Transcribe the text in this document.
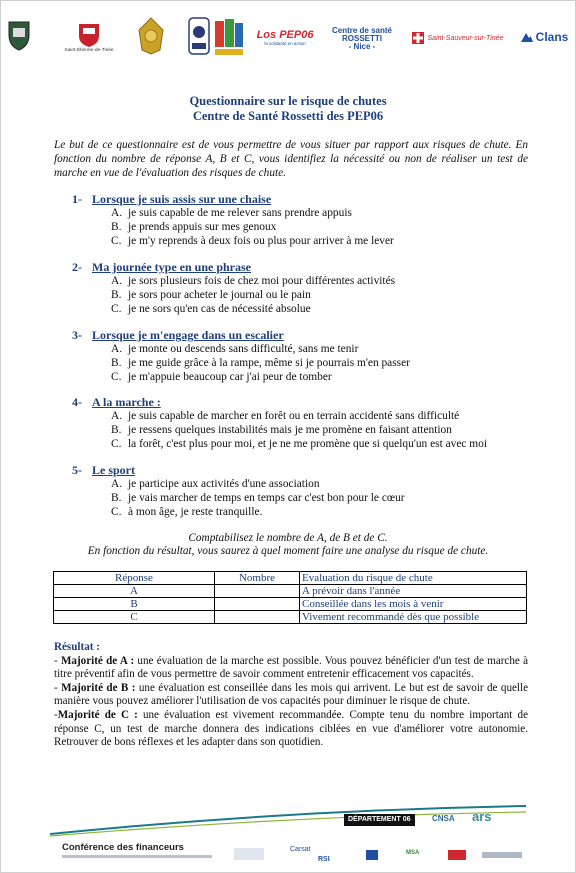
Saint-Étienne-de-Tinée
Los PEP06
la solidarité en action
Centre de santé
ROSSETTI
- Nice -
Saint-Sauveur-sur-Tinée	Clans
Questionnaire sur le risque de chutes
Centre de Santé Rossetti des PEP06
Le but de ce questionnaire est de vous permettre de vous situer par rapport aux risques de chute. En fonction du nombre de réponse A, B et C, vous identifiez la nécessité ou non de réaliser un test de marche en vue de l'évaluation des risques de chute.
1- Lorsque je suis assis sur une chaise
A. je suis capable de me relever sans prendre appuis
B. je prends appuis sur mes genoux
C. je m'y reprends à deux fois ou plus pour arriver à me lever
2- Ma journée type en une phrase
A. je sors plusieurs fois de chez moi pour différentes activités
B. je sors pour acheter le journal ou le pain
C. je ne sors qu'en cas de nécessité absolue
3- Lorsque je m'engage dans un escalier
A. je monte ou descends sans difficulté, sans me tenir
B. je me guide grâce à la rampe, même si je pourrais m'en passer
C. je m'appuie beaucoup car j'ai peur de tomber
4- A la marche :
A. je suis capable de marcher en forêt ou en terrain accidenté sans difficulté
B. je ressens quelques instabilités mais je me promène en faisant attention
C. la forêt, c'est plus pour moi, et je ne me promène que si quelqu'un est avec moi
5- Le sport
A. je participe aux activités d'une association
B. je vais marcher de temps en temps car c'est bon pour le cœur
C. à mon âge, je reste tranquille.
Comptabilisez le nombre de A, de B et de C.
En fonction du résultat, vous saurez à quel moment faire une analyse du risque de chute.
Réponse	Nombre	Evaluation du risque de chute
A		A prévoir dans l'année
B		Conseillée dans les mois à venir
C		Vivement recommandé dès que possible
Résultat :
- Majorité de A : une évaluation de la marche est possible. Vous pouvez bénéficier d'un test de marche à titre préventif afin de vous permettre de savoir comment entretenir efficacement vos capacités.
- Majorité de B : une évaluation est conseillée dans les mois qui arrivent. Le but est de savoir de quelle manière vous pouvez améliorer l'utilisation de vos capacités pour diminuer le risque de chute.
-Majorité de C : une évaluation est vivement recommandée. Compte tenu du nombre important de réponse C, un test de marche donnera des indications ciblées en vue d'améliorer votre autonomie. Retrouver de bons réflexes et les adapter dans son quotidien.
DÉPARTEMENT 06	CNSA ars
Conférence des financeurs	Carsat
RSI
MSA
